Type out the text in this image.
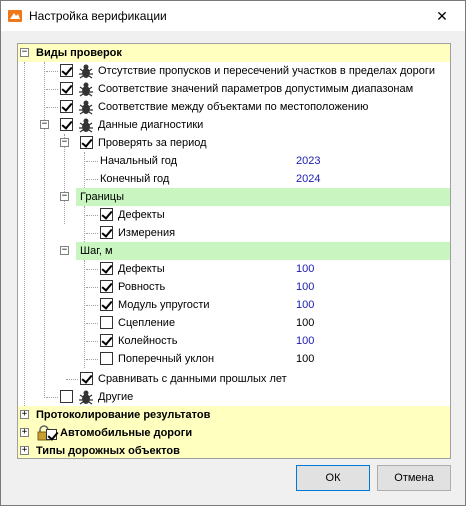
Настройка верификации	✕
− Виды проверок
Отсутствие пропусков и пересечений участков в пределах дороги
Соответствие значений параметров допустимым диапазонам
Соответствие между объектами по местоположению
−	Данные диагностики
−	Проверять за период
Начальный год	2023
Конечный год	2024
Границы
−
Дефекты
Измерения
Шаг, м
−
Дефекты	100
Ровность	100
Модуль упругости	100
Сцепление	100
Колейность	100
Поперечный уклон	100
Сравнивать с данными прошлых лет
Другие
+ Протоколирование результатов
+	Автомобильные дороги
+ Типы дорожных объектов
ОК	Отмена
